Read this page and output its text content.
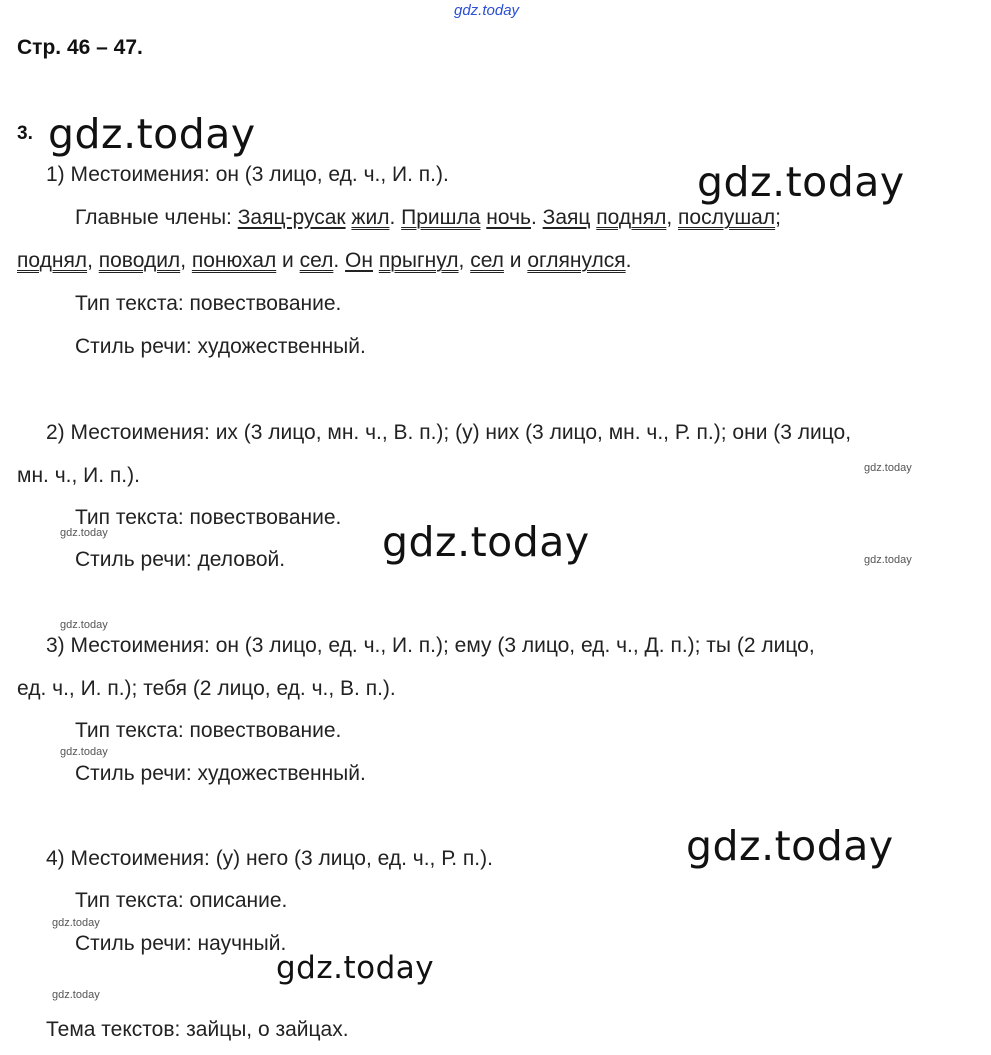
gdz.today
gdz.today
gdz.today
gdz.today
gdz.today
gdz.today
gdz.today
gdz.today
gdz.today
gdz.today
gdz.today
gdz.today
gdz.today
Стр. 46 – 47.
3.
1) Местоимения: он (3 лицо, ед. ч., И. п.).
Главные члены: Заяц-русак жил. Пришла ночь. Заяц поднял, послушал;
поднял, поводил, понюхал и сел. Он прыгнул, сел и оглянулся.
Тип текста: повествование.
Стиль речи: художественный.
2) Местоимения: их (3 лицо, мн. ч., В. п.); (у) них (3 лицо, мн. ч., Р. п.); они (3 лицо,
мн. ч., И. п.).
Тип текста: повествование.
Стиль речи: деловой.
3) Местоимения: он (3 лицо, ед. ч., И. п.); ему (3 лицо, ед. ч., Д. п.); ты (2 лицо,
ед. ч., И. п.); тебя (2 лицо, ед. ч., В. п.).
Тип текста: повествование.
Стиль речи: художественный.
4) Местоимения: (у) него (3 лицо, ед. ч., Р. п.).
Тип текста: описание.
Стиль речи: научный.
Тема текстов: зайцы, о зайцах.
